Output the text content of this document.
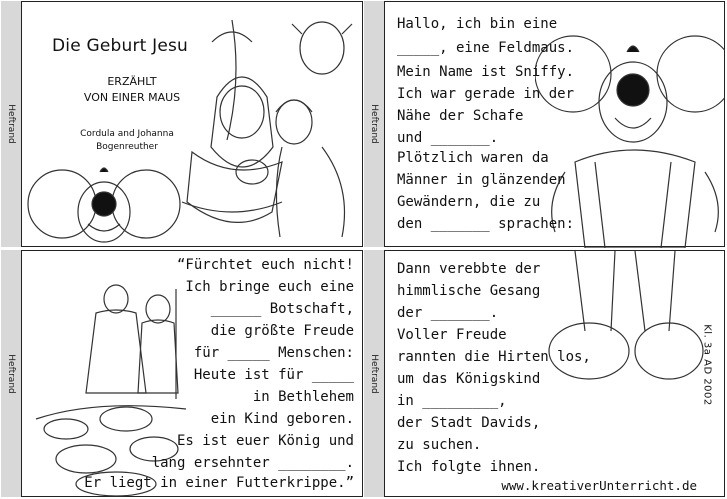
Heftrand
Die Geburt Jesu
ERZÄHLT
VON EINER MAUS
Cordula and Johanna
Bogenreuther
Heftrand
Hallo, ich bin eine
_____, eine Feldmaus.
Mein Name ist Sniffy.
Ich war gerade in der
Nähe der Schafe
und _______.
Plötzlich waren da
Männer in glänzenden
Gewändern, die zu
den _______ sprachen:
Heftrand
“Fürchtet euch nicht!
Ich bringe euch eine
______ Botschaft,
die größte Freude
für _____ Menschen:
Heute ist für _____
in Bethlehem
ein Kind geboren.
Es ist euer König und
lang ersehnter ________.
Er liegt in einer Futterkrippe.”
Heftrand
Dann verebbte der
himmlische Gesang
der _______.
Voller Freude
rannten die Hirten los,
um das Königskind
in _________,
der Stadt Davids,
zu suchen.
Ich folgte ihnen.
Kl. 3a AD 2002
www.kreativerUnterricht.de
